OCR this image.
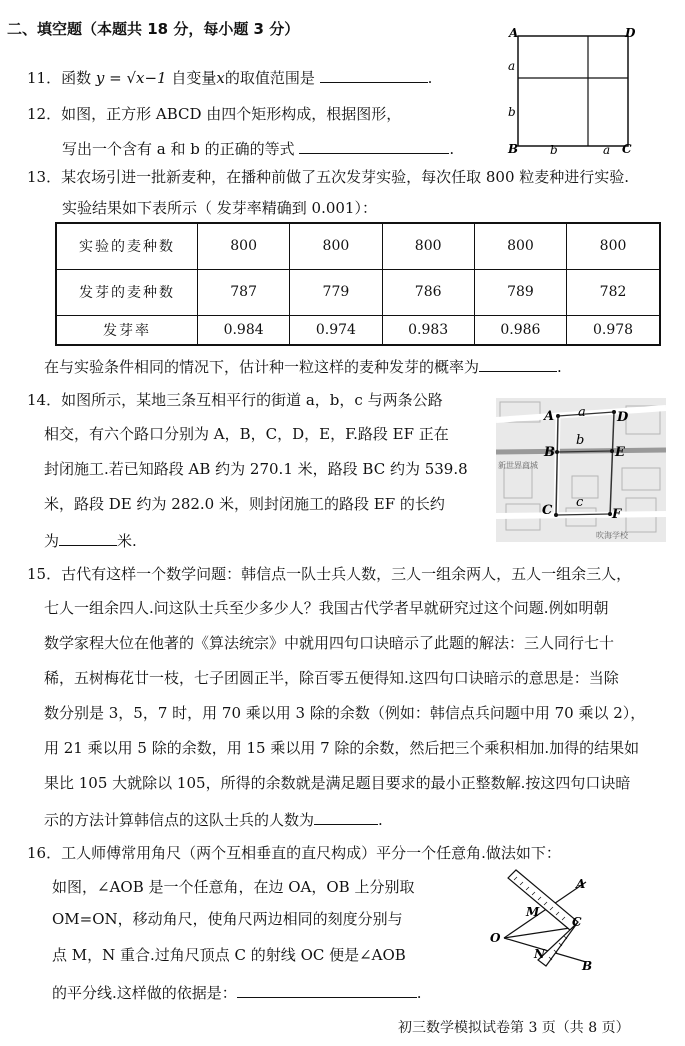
二、填空题（本题共 18 分，每小题 3 分）
11．函数 y = √x−1 自变量x的取值范围是	.
12．如图，正方形 ABCD 由四个矩形构成，根据图形，
写出一个含有 a 和 b 的正确的等式	.
A	D
B	C
a
b
b	a
13．某农场引进一批新麦种，在播种前做了五次发芽实验，每次任取 800 粒麦种进行实验.
实验结果如下表所示（ 发芽率精确到 0.001）：
实验的麦种数	800	800	800	800	800
发芽的麦种数	787	779	786	789	782
发芽率	0.984	0.974	0.983	0.986	0.978
在与实验条件相同的情况下，估计种一粒这样的麦种发芽的概率为	.
14．如图所示，某地三条互相平行的街道 a，b，c 与两条公路
相交，有六个路口分别为 A，B，C，D，E，F.路段 EF 正在
封闭施工.若已知路段 AB 约为 270.1 米，路段 BC 约为 539.8
米，路段 DE 约为 282.0 米，则封闭施工的路段 EF 的长约
为	米.
A	D
B	E
C	F
a
b
c
新世界商城
吹海学校
15．古代有这样一个数学问题：韩信点一队士兵人数，三人一组余两人，五人一组余三人，
七人一组余四人.问这队士兵至少多少人？我国古代学者早就研究过这个问题.例如明朝
数学家程大位在他著的《算法统宗》中就用四句口诀暗示了此题的解法：三人同行七十
稀，五树梅花廿一枝，七子团圆正半，除百零五便得知.这四句口诀暗示的意思是：当除
数分别是 3，5，7 时，用 70 乘以用 3 除的余数（例如：韩信点兵问题中用 70 乘以 2），
用 21 乘以用 5 除的余数，用 15 乘以用 7 除的余数，然后把三个乘积相加.加得的结果如
果比 105 大就除以 105，所得的余数就是满足题目要求的最小正整数解.按这四句口诀暗
示的方法计算韩信点的这队士兵的人数为	.
16．工人师傅常用角尺（两个互相垂直的直尺构成）平分一个任意角.做法如下：
如图，∠AOB 是一个任意角，在边 OA，OB 上分别取
OM=ON，移动角尺，使角尺两边相同的刻度分别与
点 M，N 重合.过角尺顶点 C 的射线 OC 便是∠AOB
的平分线.这样做的依据是：	.
A
B
O
M
N
C
初三数学模拟试卷第 3 页（共 8 页）
